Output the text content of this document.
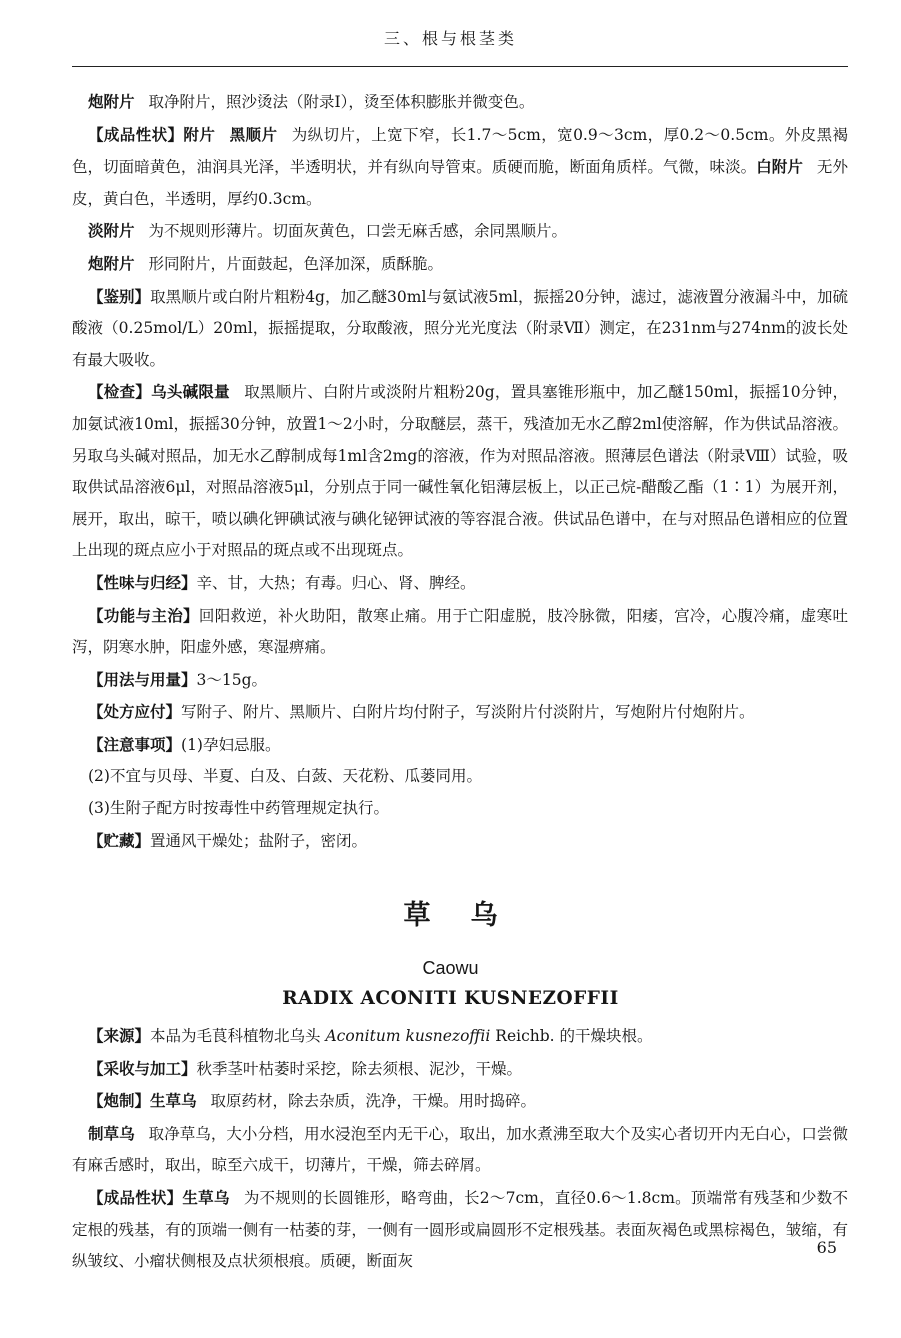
三、根与根茎类

炮附片 取净附片，照沙烫法（附录Ⅰ），烫至体积膨胀并微变色。

【成品性状】附片 黑顺片 为纵切片，上宽下窄，长1.7～5cm，宽0.9～3cm，厚0.2～0.5cm。外皮黑褐色，切面暗黄色，油润具光泽，半透明状，并有纵向导管束。质硬而脆，断面角质样。气微，味淡。白附片 无外皮，黄白色，半透明，厚约0.3cm。

淡附片 为不规则形薄片。切面灰黄色，口尝无麻舌感，余同黑顺片。

炮附片 形同附片，片面鼓起，色泽加深，质酥脆。

【鉴别】取黑顺片或白附片粗粉4g，加乙醚30ml与氨试液5ml，振摇20分钟，滤过，滤液置分液漏斗中，加硫酸液（0.25mol/L）20ml，振摇提取，分取酸液，照分光光度法（附录Ⅶ）测定，在231nm与274nm的波长处有最大吸收。

【检查】乌头碱限量 取黑顺片、白附片或淡附片粗粉20g，置具塞锥形瓶中，加乙醚150ml，振摇10分钟，加氨试液10ml，振摇30分钟，放置1～2小时，分取醚层，蒸干，残渣加无水乙醇2ml使溶解，作为供试品溶液。另取乌头碱对照品，加无水乙醇制成每1ml含2mg的溶液，作为对照品溶液。照薄层色谱法（附录Ⅷ）试验，吸取供试品溶液6μl，对照品溶液5μl，分别点于同一碱性氧化铝薄层板上，以正己烷-醋酸乙酯（1∶1）为展开剂，展开，取出，晾干，喷以碘化钾碘试液与碘化铋钾试液的等容混合液。供试品色谱中，在与对照品色谱相应的位置上出现的斑点应小于对照品的斑点或不出现斑点。

【性味与归经】辛、甘，大热；有毒。归心、肾、脾经。

【功能与主治】回阳救逆，补火助阳，散寒止痛。用于亡阳虚脱，肢冷脉微，阳痿，宫冷，心腹冷痛，虚寒吐泻，阴寒水肿，阳虚外感，寒湿痹痛。

【用法与用量】3～15g。

【处方应付】写附子、附片、黑顺片、白附片均付附子，写淡附片付淡附片，写炮附片付炮附片。

【注意事项】(1)孕妇忌服。

(2)不宜与贝母、半夏、白及、白蔹、天花粉、瓜蒌同用。

(3)生附子配方时按毒性中药管理规定执行。

【贮藏】置通风干燥处；盐附子，密闭。

草乌
Caowu
RADIX ACONITI KUSNEZOFFII

【来源】本品为毛茛科植物北乌头 Aconitum kusnezoffii Reichb. 的干燥块根。

【采收与加工】秋季茎叶枯萎时采挖，除去须根、泥沙，干燥。

【炮制】生草乌 取原药材，除去杂质，洗净，干燥。用时捣碎。

制草乌 取净草乌，大小分档，用水浸泡至内无干心，取出，加水煮沸至取大个及实心者切开内无白心，口尝微有麻舌感时，取出，晾至六成干，切薄片，干燥，筛去碎屑。

【成品性状】生草乌 为不规则的长圆锥形，略弯曲，长2～7cm，直径0.6～1.8cm。顶端常有残茎和少数不定根的残基，有的顶端一侧有一枯萎的芽，一侧有一圆形或扁圆形不定根残基。表面灰褐色或黑棕褐色，皱缩，有纵皱纹、小瘤状侧根及点状须根痕。质硬，断面灰

65
